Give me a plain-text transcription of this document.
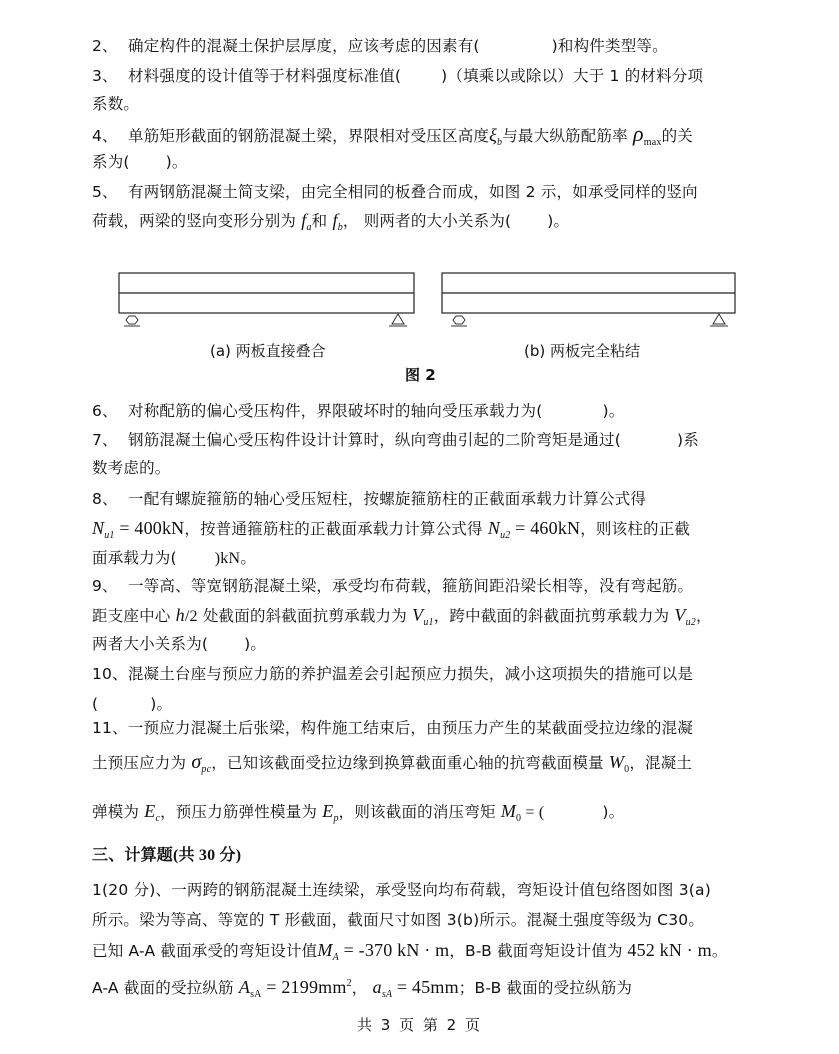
2、 确定构件的混凝土保护层厚度，应该考虑的因素有(	)和构件类型等。
3、 材料强度的设计值等于材料强度标准值(	)（填乘以或除以）大于 1 的材料分项
系数。
4、 单筋矩形截面的钢筋混凝土梁，界限相对受压区高度$\xi_b$与最大纵筋配筋率 $\rho_{max}$的关
系为( )。
5、 有两钢筋混凝土简支梁，由完全相同的板叠合而成，如图 2 示，如承受同样的竖向
荷载，两梁的竖向变形分别为 $f_a$和 $f_b$， 则两者的大小关系为( )。
(a) 两板直接叠合	(b) 两板完全粘结
图 2
6、 对称配筋的偏心受压构件，界限破坏时的轴向受压承载力为(	)。
7、 钢筋混凝土偏心受压构件设计计算时，纵向弯曲引起的二阶弯矩是通过(	)系
数考虑的。
8、 一配有螺旋箍筋的轴心受压短柱，按螺旋箍筋柱的正截面承载力计算公式得
$N_{u1} = 400kN$，按普通箍筋柱的正截面承载力计算公式得 $N_{u2} = 460kN$，则该柱的正截
面承载力为( )kN。
9、 一等高、等宽钢筋混凝土梁，承受均布荷载，箍筋间距沿梁长相等，没有弯起筋。
距支座中心 h/2 处截面的斜截面抗剪承载力为 $V_{u1}$，跨中截面的斜截面抗剪承载力为 $V_{u2}$，
两者大小关系为( )。
10、混凝土台座与预应力筋的养护温差会引起预应力损失，减小这项损失的措施可以是
(	)。
11、一预应力混凝土后张梁，构件施工结束后，由预压力产生的某截面受拉边缘的混凝
土预压应力为 $\sigma_{pc}$，已知该截面受拉边缘到换算截面重心轴的抗弯截面模量 $W_0$，混凝土
弹模为 $E_c$，预压力筋弹性模量为 $E_p$，则该截面的消压弯矩 $M_0$ = (	)。
三、计算题(共 30 分)
1(20 分)、一两跨的钢筋混凝土连续梁，承受竖向均布荷载，弯矩设计值包络图如图 3(a)
所示。梁为等高、等宽的 T 形截面，截面尺寸如图 3(b)所示。混凝土强度等级为 C30。
已知 A-A 截面承受的弯矩设计值$M_A = -370$ kN · m，B-B 截面弯矩设计值为 452 kN · m。
A-A 截面的受拉纵筋 $A_{sA} = 2199mm^2$， $a_{sA} = 45mm$；B-B 截面的受拉纵筋为
共 3 页 第 2 页
